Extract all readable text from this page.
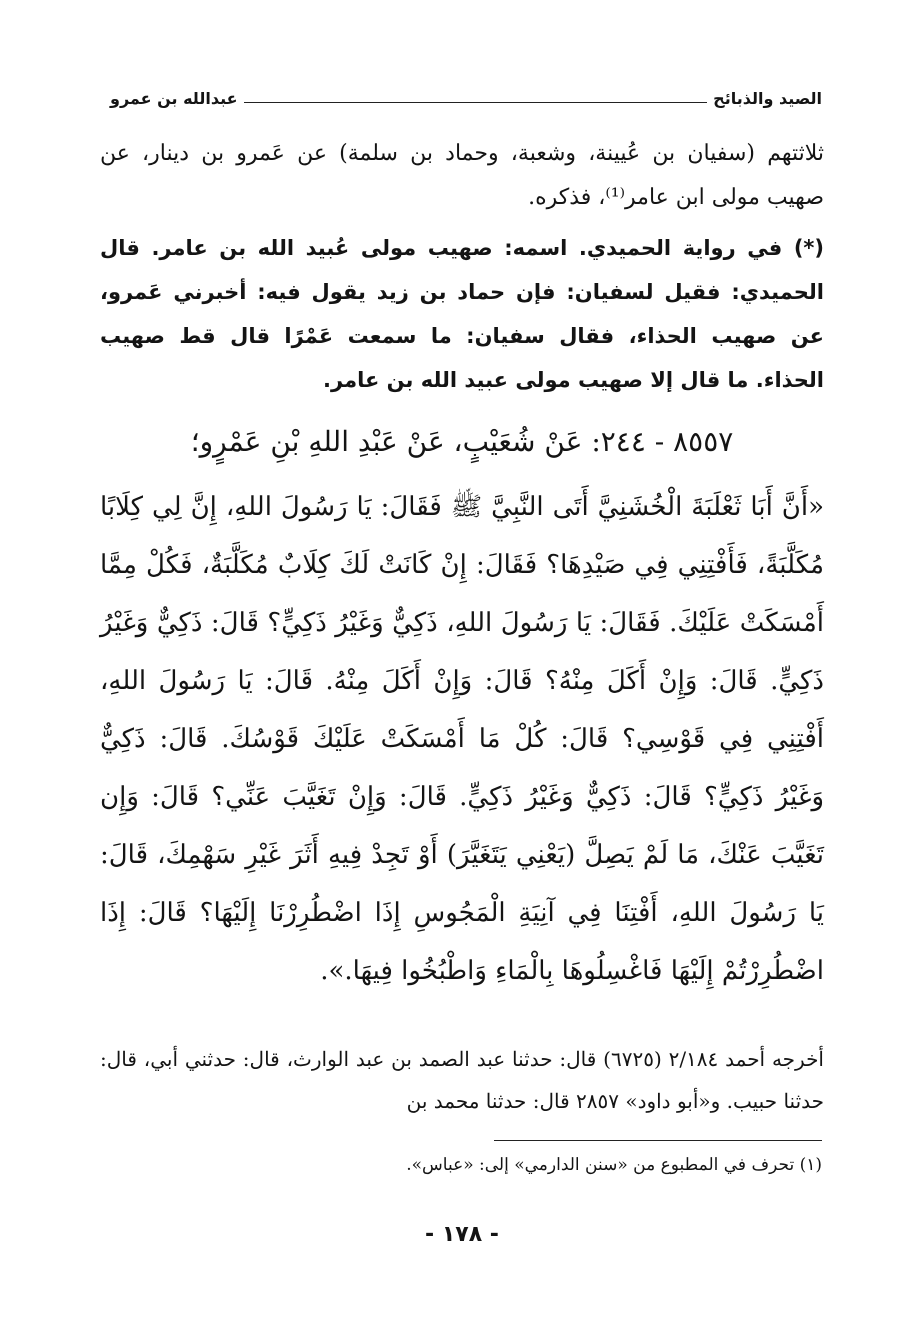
الصيد والذبائح
عبدالله بن عمرو

ثلاثتهم (سفيان بن عُيينة، وشعبة، وحماد بن سلمة) عن عَمرو بن دينار، عن صهيب مولى ابن عامر⁽¹⁾، فذكره.

(*) في رواية الحميدي. اسمه: صهيب مولى عُبيد الله بن عامر. قال الحميدي: فقيل لسفيان: فإن حماد بن زيد يقول فيه: أخبرني عَمرو، عن صهيب الحذاء، فقال سفيان: ما سمعت عَمْرًا قال قط صهيب الحذاء. ما قال إلا صهيب مولى عبيد الله بن عامر.

٨٥٥٧ - ٢٤٤: عَنْ شُعَيْبٍ، عَنْ عَبْدِ اللهِ بْنِ عَمْرٍو؛

«أَنَّ أَبَا ثَعْلَبَةَ الْخُشَنِيَّ أَتَى النَّبِيَّ ﷺ فَقَالَ: يَا رَسُولَ اللهِ، إِنَّ لِي كِلَابًا مُكَلَّبَةً، فَأَفْتِنِي فِي صَيْدِهَا؟ فَقَالَ: إِنْ كَانَتْ لَكَ كِلَابٌ مُكَلَّبَةٌ، فَكُلْ مِمَّا أَمْسَكَتْ عَلَيْكَ. فَقَالَ: يَا رَسُولَ اللهِ، ذَكِيٌّ وَغَيْرُ ذَكِيٍّ؟ قَالَ: ذَكِيٌّ وَغَيْرُ ذَكِيٍّ. قَالَ: وَإِنْ أَكَلَ مِنْهُ؟ قَالَ: وَإِنْ أَكَلَ مِنْهُ. قَالَ: يَا رَسُولَ اللهِ، أَفْتِنِي فِي قَوْسِي؟ قَالَ: كُلْ مَا أَمْسَكَتْ عَلَيْكَ قَوْسُكَ. قَالَ: ذَكِيٌّ وَغَيْرُ ذَكِيٍّ؟ قَالَ: ذَكِيٌّ وَغَيْرُ ذَكِيٍّ. قَالَ: وَإِنْ تَغَيَّبَ عَنِّي؟ قَالَ: وَإِن تَغَيَّبَ عَنْكَ، مَا لَمْ يَصِلَّ (يَعْنِي يَتَغَيَّرَ) أَوْ تَجِدْ فِيهِ أَثَرَ غَيْرِ سَهْمِكَ، قَالَ: يَا رَسُولَ اللهِ، أَفْتِنَا فِي آنِيَةِ الْمَجُوسِ إِذَا اضْطُرِرْنَا إِلَيْهَا؟ قَالَ: إِذَا اضْطُرِرْتُمْ إِلَيْهَا فَاغْسِلُوهَا بِالْمَاءِ وَاطْبُخُوا فِيهَا.».

أخرجه أحمد ٢/١٨٤ (٦٧٢٥) قال: حدثنا عبد الصمد بن عبد الوارث، قال: حدثني أبي، قال: حدثنا حبيب. و«أبو داود» ٢٨٥٧ قال: حدثنا محمد بن

(١) تحرف في المطبوع من «سنن الدارمي» إلى: «عباس».

- ١٧٨ -
